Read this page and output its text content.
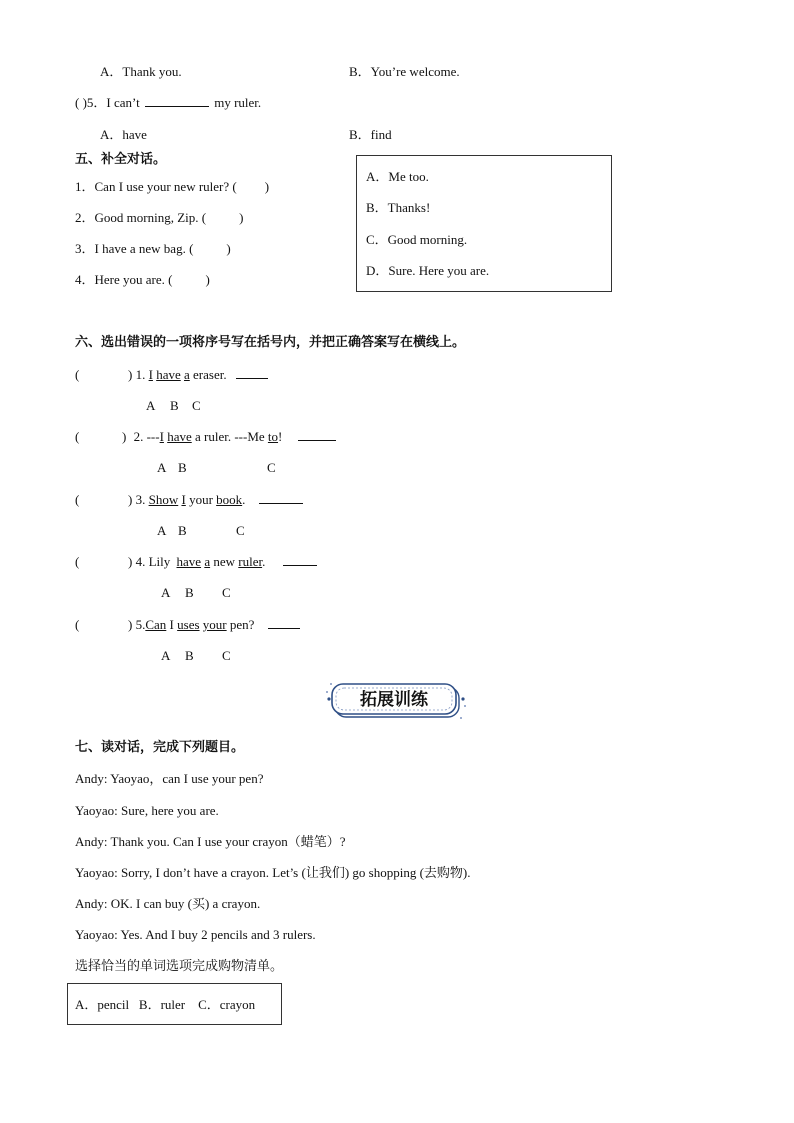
A．Thank you.	B．You’re welcome.
( )5．I can’t	my ruler.
A．have	B．find
五、补全对话。
1．Can I use your new ruler? ( )
2．Good morning, Zip. (	)
3．I have a new bag. (	)
4．Here you are. (	)
A．Me too.
B．Thanks!
C．Good morning.
D．Sure. Here you are.
六、选出错误的一项将序号写在括号内，并把正确答案写在横线上。
(	) 1. I have a eraser.
A B C
(	) 2. ---I have a ruler. ---Me to!
A B	C
(	) 3. Show I your book.
A B	C
(	) 4. Lily have a new ruler.
A B C
(	) 5.Can I uses your pen?
A B C
拓展训练
七、读对话，完成下列题目。
Andy: Yaoyao，can I use your pen?
Yaoyao: Sure, here you are.
Andy: Thank you. Can I use your crayon（蜡笔）?
Yaoyao: Sorry, I don’t have a crayon. Let’s (让我们) go shopping (去购物).
Andy: OK. I can buy (买) a crayon.
Yaoyao: Yes. And I buy 2 pencils and 3 rulers.
选择恰当的单词选项完成购物清单。
A．pencil   B．ruler    C．crayon
